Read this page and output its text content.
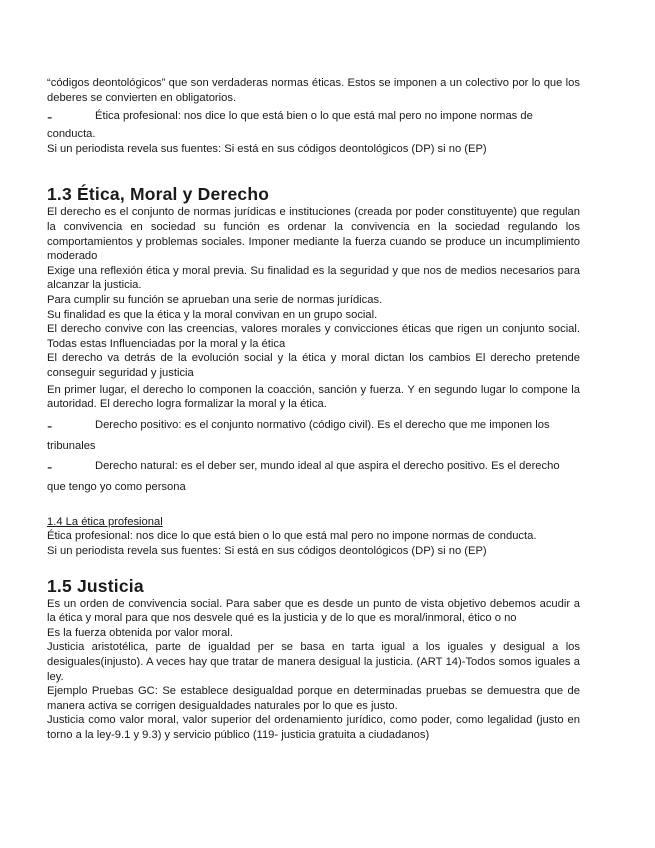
“códigos deontológicos” que son verdaderas normas éticas. Estos se imponen a un colectivo por lo que los deberes se convierten en obligatorios.

-	Ética profesional: nos dice lo que está bien o lo que está mal pero no impone normas de

conducta.

Si un periodista revela sus fuentes: Si está en sus códigos deontológicos (DP) si no (EP)

1.3 Ética, Moral y Derecho

El derecho es el conjunto de normas jurídicas e instituciones (creada por poder constituyente) que regulan la convivencia en sociedad su función es ordenar la convivencia en la sociedad regulando los comportamientos y problemas sociales. Imponer mediante la fuerza cuando se produce un incumplimiento moderado

Exige una reflexión ética y moral previa. Su finalidad es la seguridad y que nos de medios necesarios para alcanzar la justicia.

Para cumplir su función se aprueban una serie de normas jurídicas.

Su finalidad es que la ética y la moral convivan en un grupo social.

El derecho convive con las creencias, valores morales y convicciones éticas que rigen un conjunto social. Todas estas Influenciadas por la moral y la ética

El derecho va detrás de la evolución social y la ética y moral dictan los cambios El derecho pretende conseguir seguridad y justicia

En primer lugar, el derecho lo componen la coacción, sanción y fuerza. Y en segundo lugar lo compone la autoridad. El derecho logra formalizar la moral y la ética.

-	Derecho positivo: es el conjunto normativo (código civil). Es el derecho que me imponen los

tribunales

-	Derecho natural: es el deber ser, mundo ideal al que aspira el derecho positivo. Es el derecho

que tengo yo como persona

1.4 La ética profesional

Ética profesional: nos dice lo que está bien o lo que está mal pero no impone normas de conducta.

Si un periodista revela sus fuentes: Si está en sus códigos deontológicos (DP) si no (EP)

1.5 Justicia

Es un orden de convivencia social. Para saber que es desde un punto de vista objetivo debemos acudir a la ética y moral para que nos desvele qué es la justicia y de lo que es moral/inmoral, ético o no

Es la fuerza obtenida por valor moral.

Justicia aristotélica, parte de igualdad per se basa en tarta igual a los iguales y desigual a los desiguales(injusto). A veces hay que tratar de manera desigual la justicia. (ART 14)-Todos somos iguales a ley.

Ejemplo Pruebas GC: Se establece desigualdad porque en determinadas pruebas se demuestra que de manera activa se corrigen desigualdades naturales por lo que es justo.

Justicia como valor moral, valor superior del ordenamiento jurídico, como poder, como legalidad (justo en torno a la ley-9.1 y 9.3) y servicio público (119- justicia gratuita a ciudadanos)
